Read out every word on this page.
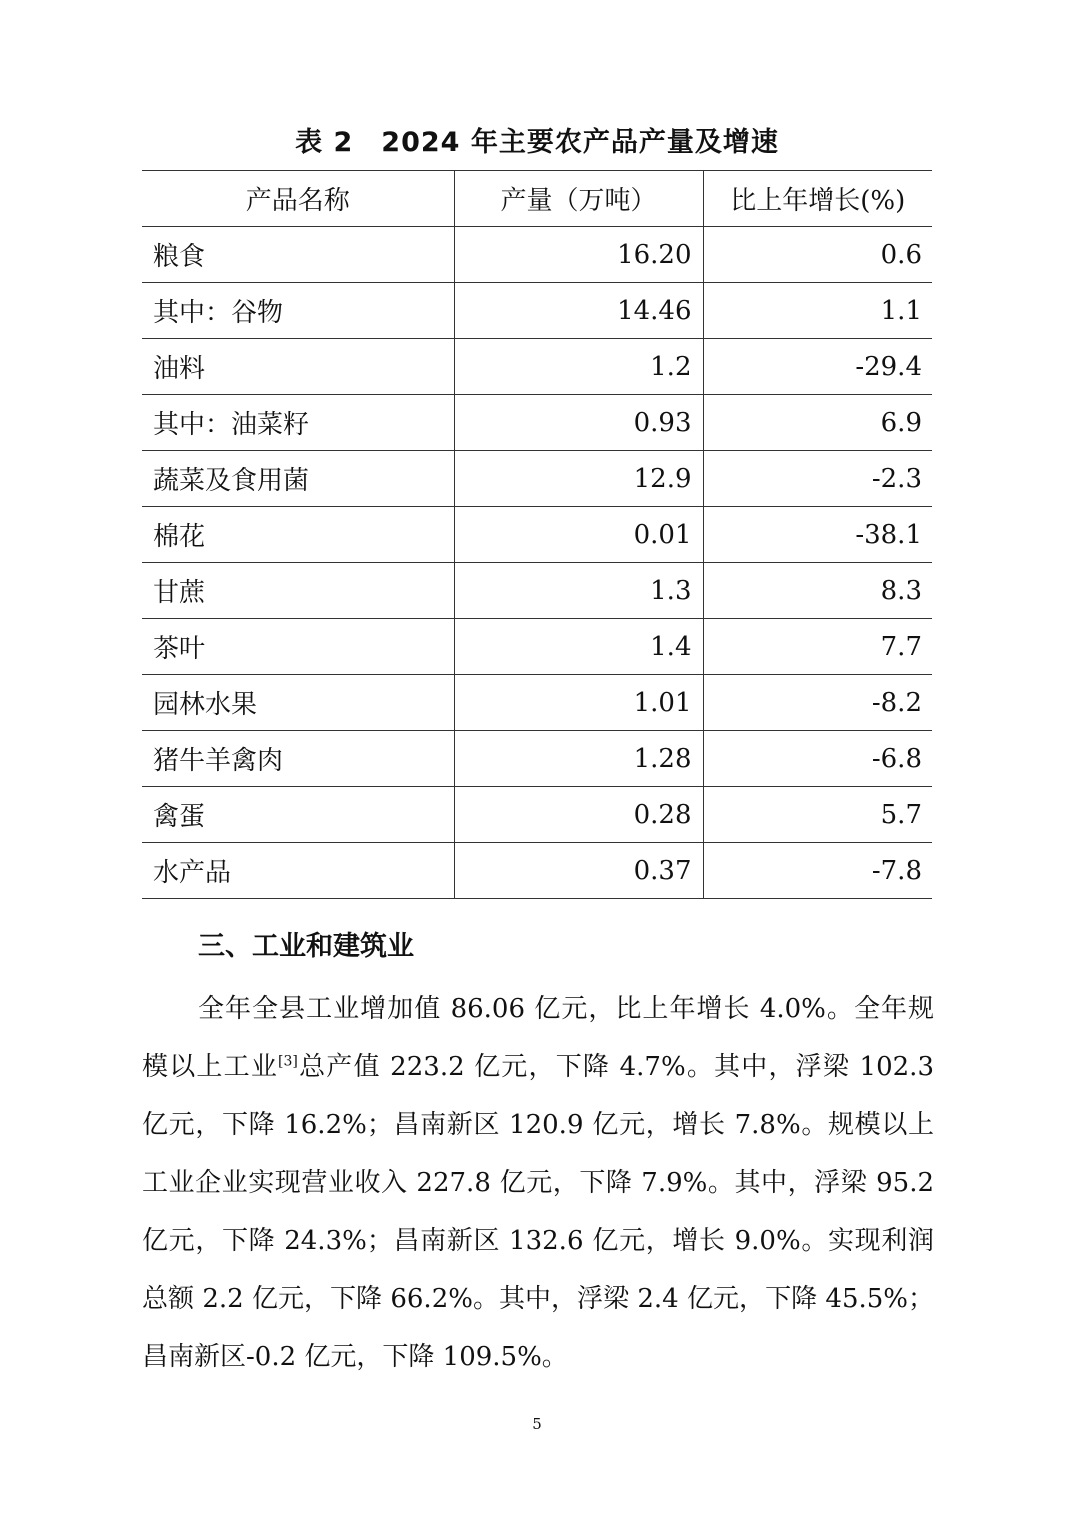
表 2　2024 年主要农产品产量及增速
产品名称	产量（万吨）	比上年增长(%)
粮食	16.20	0.6
其中：谷物	14.46	1.1
油料	1.2	-29.4
其中：油菜籽	0.93	6.9
蔬菜及食用菌	12.9	-2.3
棉花	0.01	-38.1
甘蔗	1.3	8.3
茶叶	1.4	7.7
园林水果	1.01	-8.2
猪牛羊禽肉	1.28	-6.8
禽蛋	0.28	5.7
水产品	0.37	-7.8
三、工业和建筑业
全年全县工业增加值 86.06 亿元，比上年增长 4.0%。全年规模以上工业[3]总产值 223.2 亿元，下降 4.7%。其中，浮梁 102.3 亿元，下降 16.2%；昌南新区 120.9 亿元，增长 7.8%。规模以上工业企业实现营业收入 227.8 亿元，下降 7.9%。其中，浮梁 95.2 亿元，下降 24.3%；昌南新区 132.6 亿元，增长 9.0%。实现利润总额 2.2 亿元，下降 66.2%。其中，浮梁 2.4 亿元，下降 45.5%；昌南新区-0.2 亿元，下降 109.5%。
5
